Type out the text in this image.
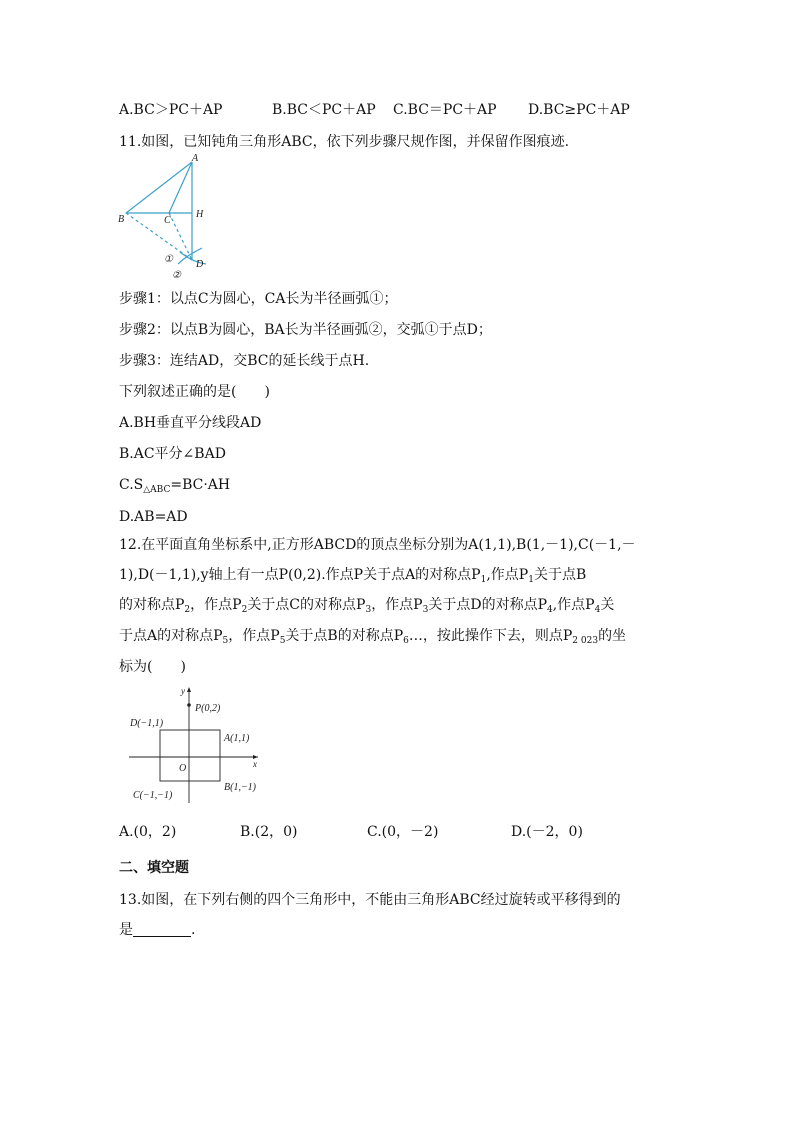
A.BC＞PC＋AP	B.BC＜PC＋AP C.BC＝PC＋AP D.BC≥PC＋AP
11.如图，已知钝角三角形ABC，依下列步骤尺规作图，并保留作图痕迹.
A
B	C
H
D
①
②
步骤1：以点C为圆心，CA长为半径画弧①；
步骤2：以点B为圆心，BA长为半径画弧②，交弧①于点D；
步骤3：连结AD，交BC的延长线于点H.
下列叙述正确的是(　　)
A.BH垂直平分线段AD
B.AC平分∠BAD
$C.S_{\triangle ABC}=BC\cdot AH$
D.AB=AD
12.在平面直角坐标系中,正方形ABCD的顶点坐标分别为A(1,1),B(1,－1),C(－1,－
1),D(－1,1),y轴上有一点P(0,2).作点P关于点A的对称点$P_1$,作点$P_1$关于点B
的对称点$P_2$，作点$P_2$关于点C的对称点$P_3$，作点$P_3$关于点D的对称点$P_4$,作点$P_4$关
于点A的对称点$P_5$，作点$P_5$关于点B的对称点$P_6\dots$，按此操作下去，则点$P_{2 023}$的坐
标为(　　)
y
x
O
P(0,2)
D(−1,1)
A(1,1)
C(−1,−1)
B(1,−1)
A.(0，2)	B.(2，0)	C.(0，－2)	D.(－2，0)
二、填空题
13.如图，在下列右侧的四个三角形中，不能由三角形ABC经过旋转或平移得到的
是	.
